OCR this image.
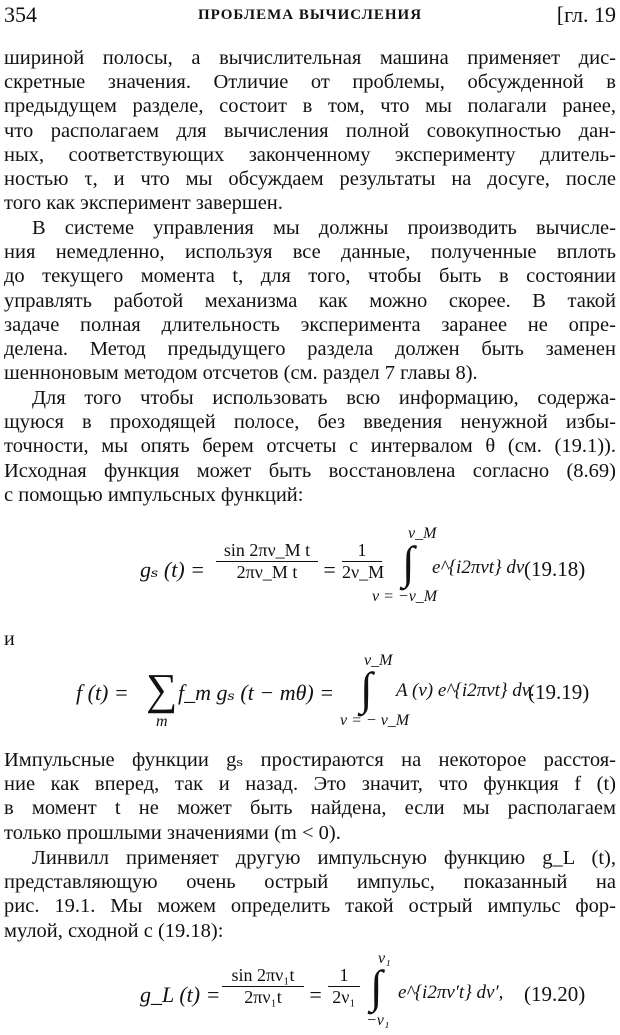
354	ПРОБЛЕМА ВЫЧИСЛЕНИЯ	[гл. 19

шириной полосы, а вычислительная машина применяет дис-
скретные значения. Отличие от проблемы, обсужденной в
предыдущем разделе, состоит в том, что мы полагали ранее,
что располагаем для вычисления полной совокупностью дан-
ных, соответствующих законченному эксперименту длитель-
ностью τ, и что мы обсуждаем результаты на досуге, после
того как эксперимент завершен.

В системе управления мы должны производить вычисле-
ния немедленно, используя все данные, полученные вплоть
до текущего момента t, для того, чтобы быть в состоянии
управлять работой механизма как можно скорее. В такой
задаче полная длительность эксперимента заранее не опре-
делена. Метод предыдущего раздела должен быть заменен
шенноновым методом отсчетов (см. раздел 7 главы 8).

Для того чтобы использовать всю информацию, содержа-
щуюся в проходящей полосе, без введения ненужной избы-
точности, мы опять берем отсчеты с интервалом θ (см. (19.1)).
Исходная функция может быть восстановлена согласно (8.69)
с помощью импульсных функций:

gₛ $(t) = \frac{\text{sin 2πν\_M t}}{\text{2πν\_M t}} = \frac{1}{2\nu\_M}$
ν_M
∫
ν = −ν_M
e^{i2πνt} dν (19.18)
и
f (t) = ∑
m
f_m gₛ (t − mθ) =
ν_M
∫
ν = − ν_M
A (ν) e^{i2πνt} dν.
(19.19)

Импульсные функции gₛ простираются на некоторое расстоя-
ние как вперед, так и назад. Это значит, что функция f (t)
в момент t не может быть найдена, если мы располагаем
только прошлыми значениями (m < 0).

Линвилл применяет другую импульсную функцию g_L (t),
представляющую очень острый импульс, показанный на
рис. 19.1. Мы можем определить такой острый импульс фор-
мулой, сходной с (19.18):

g_L $(t) = \frac{\text{sin 2πν₁t}}{\text{2πν₁t}} = \frac{1}{\text{2ν₁}}$
ν₁
∫
−ν₁
e^{i2πν′t} dν′, (19.20)
